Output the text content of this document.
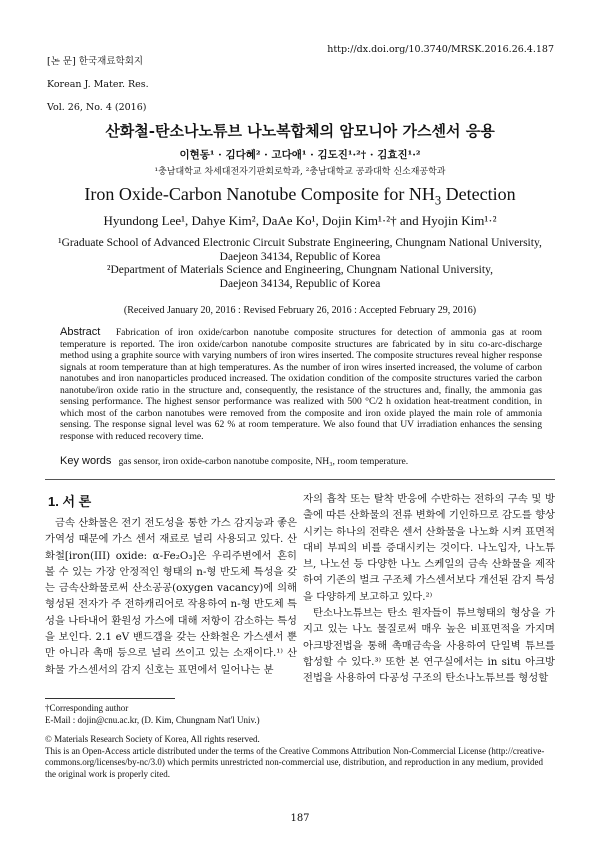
[논 문] 한국재료학회지

Korean J. Mater. Res.

Vol. 26, No. 4 (2016)

http://dx.doi.org/10.3740/MRSK.2016.26.4.187
산화철-탄소나노튜브 나노복합체의 암모니아 가스센서 응용
이현동¹ · 김다혜² · 고다애¹ · 김도진¹·²† · 김효진¹·²
¹충남대학교 차세대전자기판회로학과, ²충남대학교 공과대학 신소재공학과
Iron Oxide-Carbon Nanotube Composite for $NH_3$ Detection
Hyundong Lee¹, Dahye Kim², DaAe Ko¹, Dojin Kim¹·²† and Hyojin Kim¹·²
¹Graduate School of Advanced Electronic Circuit Substrate Engineering, Chungnam National University,
Daejeon 34134, Republic of Korea
²Department of Materials Science and Engineering, Chungnam National University,
Daejeon 34134, Republic of Korea
(Received January 20, 2016 : Revised February 26, 2016 : Accepted February 29, 2016)
Abstract Fabrication of iron oxide/carbon nanotube composite structures for detection of ammonia gas at room temperature is reported. The iron oxide/carbon nanotube composite structures are fabricated by in situ co-arc-discharge method using a graphite source with varying numbers of iron wires inserted. The composite structures reveal higher response signals at room temperature than at high temperatures. As the number of iron wires inserted increased, the volume of carbon nanotubes and iron nanoparticles produced increased. The oxidation condition of the composite structures varied the carbon nanotube/iron oxide ratio in the structure and, consequently, the resistance of the structures and, finally, the ammonia gas sensing performance. The highest sensor performance was realized with 500 °C/2 h oxidation heat-treatment condition, in which most of the carbon nanotubes were removed from the composite and iron oxide played the main role of ammonia sensing. The response signal level was 62 % at room temperature. We also found that UV irradiation enhances the sensing response with reduced recovery time.
Key words gas sensor, iron oxide-carbon nanotube composite, NH₃, room temperature.
1. 서 론
금속 산화물은 전기 전도성을 통한 가스 감지능과 좋은 가역성 때문에 가스 센서 재료로 널리 사용되고 있다. 산화철[iron(III) oxide: α-Fe₂O₃]은 우리주변에서 흔히 볼 수 있는 가장 안정적인 형태의 n-형 반도체 특성을 갖는 금속산화물로써 산소공공(oxygen vacancy)에 의해 형성된 전자가 주 전하캐리어로 작용하여 n-형 반도체 특성을 나타내어 환원성 가스에 대해 저항이 감소하는 특성을 보인다. 2.1 eV 밴드갭을 갖는 산화철은 가스센서 뿐만 아니라 촉매 등으로 널리 쓰이고 있는 소재이다.¹⁾ 산화물 가스센서의 감지 신호는 표면에서 일어나는 분
자의 흡착 또는 탈착 반응에 수반하는 전하의 구속 및 방출에 따른 산화물의 전류 변화에 기인하므로 감도를 향상시키는 하나의 전략은 센서 산화물을 나노화 시켜 표면적 대비 부피의 비를 증대시키는 것이다. 나노입자, 나노튜브, 나노선 등 다양한 나노 스케일의 금속 산화물을 제작하여 기존의 벌크 구조체 가스센서보다 개선된 감지 특성을 다양하게 보고하고 있다.²⁾
탄소나노튜브는 탄소 원자들이 튜브형태의 형상을 가지고 있는 나노 물질로써 매우 높은 비표면적을 가지며 아크방전법을 통해 촉매금속을 사용하여 단일벽 튜브를 합성할 수 있다.³⁾ 또한 본 연구실에서는 in situ 아크방전법을 사용하여 다공성 구조의 탄소나노튜브를 형성할
†Corresponding author
E-Mail : dojin@cnu.ac.kr, (D. Kim, Chungnam Nat'l Univ.)
© Materials Research Society of Korea, All rights reserved.
This is an Open-Access article distributed under the terms of the Creative Commons Attribution Non-Commercial License (http://creative-commons.org/licenses/by-nc/3.0) which permits unrestricted non-commercial use, distribution, and reproduction in any medium, provided the original work is properly cited.
187
